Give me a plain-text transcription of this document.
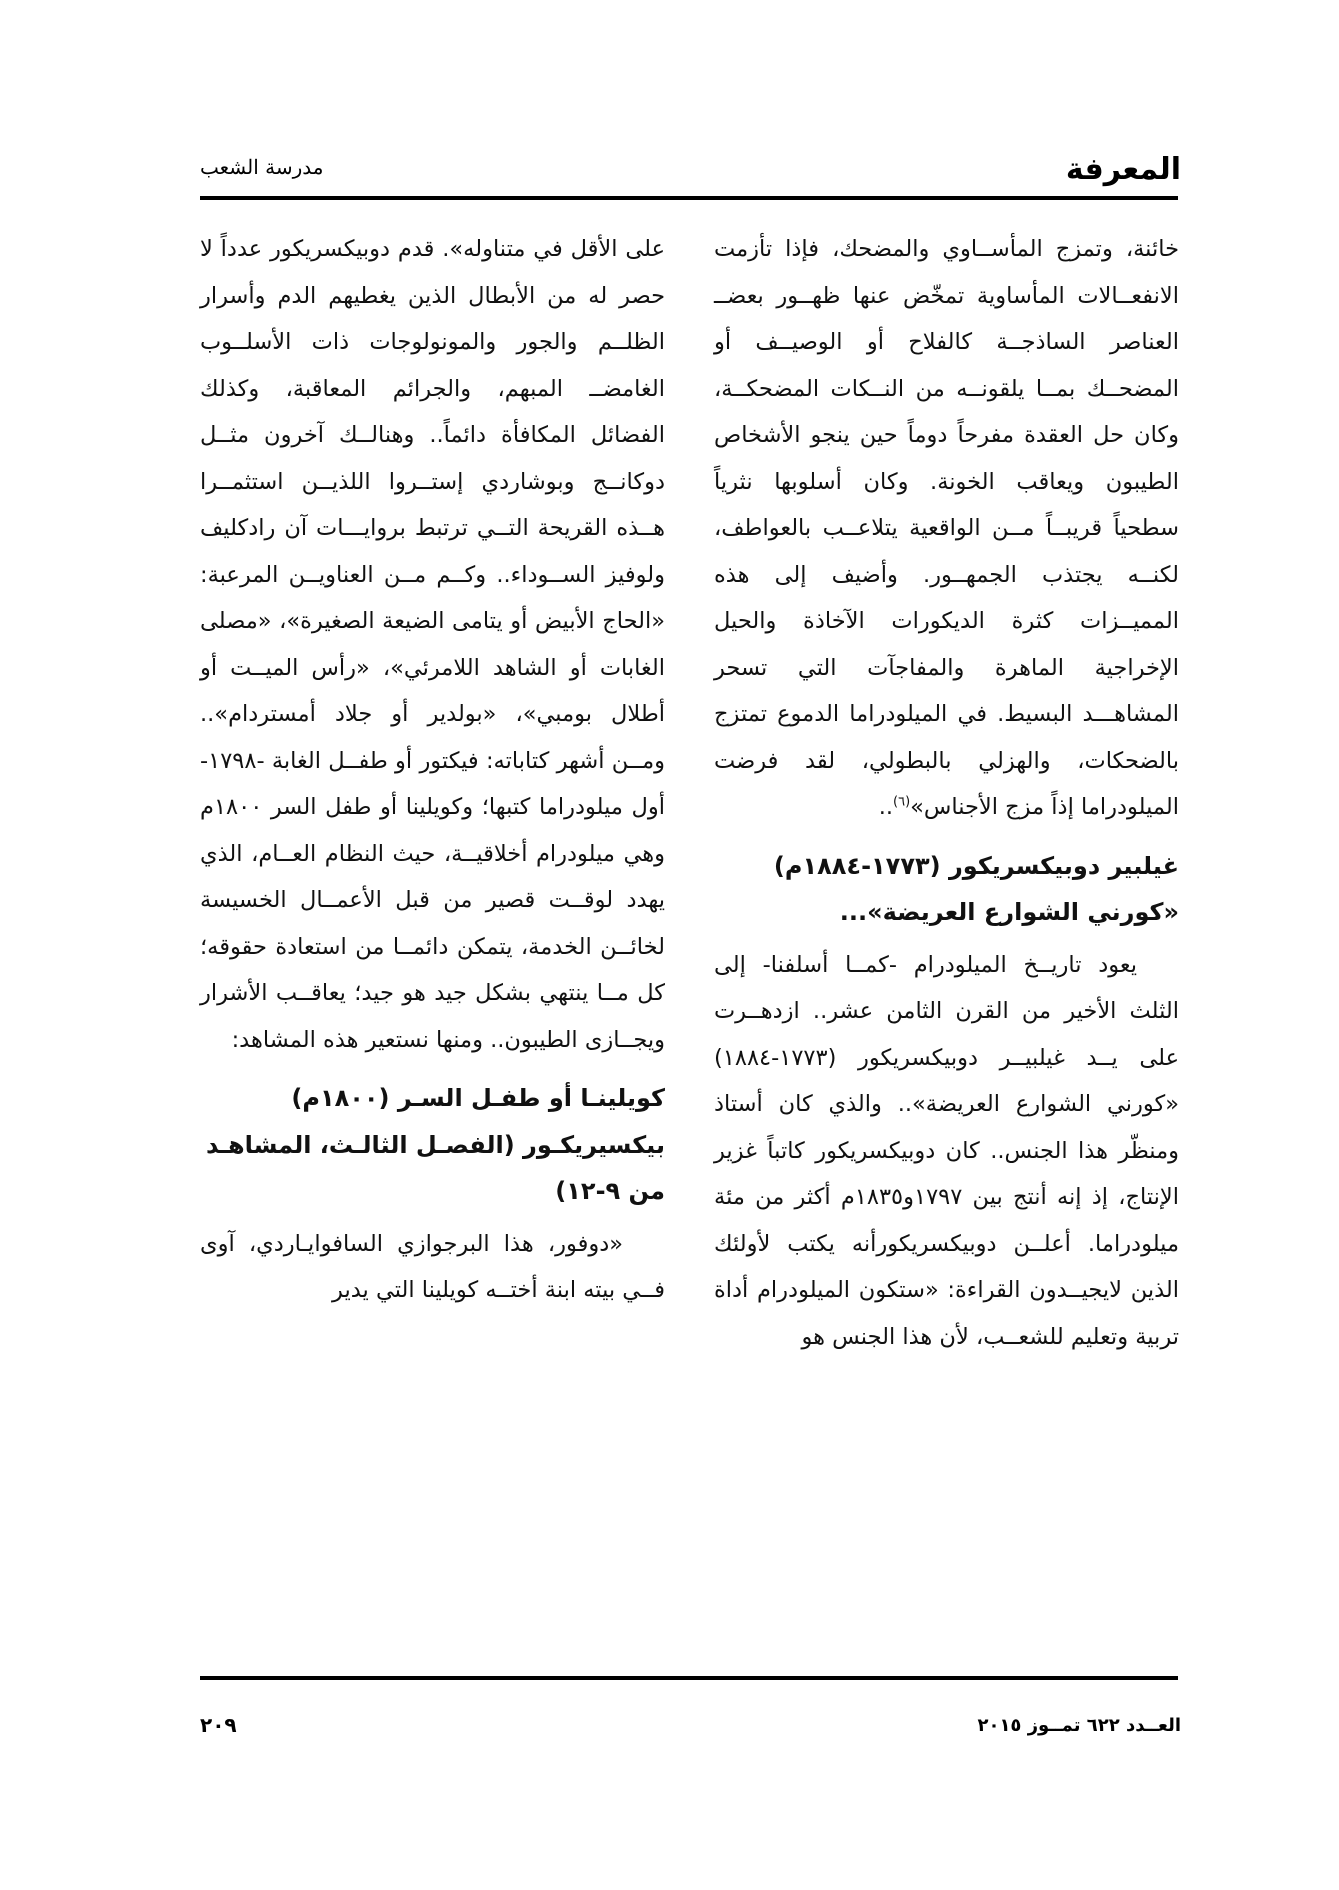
المعرفة
مدرسة الشعب

خائنة، وتمزج المأســاوي والمضحك، فإذا تأزمت الانفعــالات المأساوية تمخّض عنها ظهــور بعضــ العناصر الساذجــة كالفلاح أو الوصيــف أو المضحــك بمــا يلقونــه من النــكات المضحكــة، وكان حل العقدة مفرحاً دوماً حين ينجو الأشخاص الطيبون ويعاقب الخونة. وكان أسلوبها نثرياً سطحياً قريبــاً مــن الواقعية يتلاعــب بالعواطف، لكنــه يجتذب الجمهــور. وأضيف إلى هذه المميــزات كثرة الديكورات الآخاذة والحيل الإخراجية الماهرة والمفاجآت التي تسحر المشاهـــد البسيط. في الميلودراما الدموع تمتزج بالضحكات، والهزلي بالبطولي، لقد فرضت الميلودراما إذاً مزج الأجناس»$^{(٦)}$..

غيلبير دوبيكسريكور (١٧٧٣-١٨٨٤م)
«كورني الشوارع العريضة»...

يعود تاريــخ الميلودرام -كمــا أسلفنا- إلى الثلث الأخير من القرن الثامن عشر.. ازدهــرت على يــد غيلبيــر دوبيكسريكور (١٧٧٣-١٨٨٤) «كورني الشوارع العريضة».. والذي كان أستاذ ومنظّر هذا الجنس.. كان دوبيكسريكور كاتباً غزير الإنتاج، إذ إنه أنتج بين ١٧٩٧و١٨٣٥م أكثر من مئة ميلودراما. أعلــن دوبيكسريكورأنه يكتب لأولئك الذين لايجيــدون القراءة: «ستكون الميلودرام أداة تربية وتعليم للشعــب، لأن هذا الجنس هو

على الأقل في متناوله». قدم دوبيكسريكور عدداً لا حصر له من الأبطال الذين يغطيهم الدم وأسرار الظلــم والجور والمونولوجات ذات الأسلــوب الغامضــ المبهم، والجرائم المعاقبة، وكذلك الفضائل المكافأة دائماً.. وهنالــك آخرون مثــل دوكانــج وبوشاردي إستــروا اللذيــن استثمــرا هــذه القريحة التــي ترتبط بروايـــات آن رادكليف ولوفيز الســوداء.. وكــم مــن العناويــن المرعبة: «الحاج الأبيض أو يتامى الضيعة الصغيرة»، «مصلى الغابات أو الشاهد اللامرئي»، «رأس الميــت أو أطلال بومبي»، «بولدير أو جلاد أمستردام».. ومــن أشهر كتاباته: فيكتور أو طفــل الغابة -١٧٩٨- أول ميلودراما كتبها؛ وكويلينا أو طفل السر ١٨٠٠م وهي ميلودرام أخلاقيــة، حيث النظام العــام، الذي يهدد لوقــت قصير من قبل الأعمــال الخسيسة لخائــن الخدمة، يتمكن دائمــا من استعادة حقوقه؛ كل مــا ينتهي بشكل جيد هو جيد؛ يعاقــب الأشرار ويجــازى الطيبون.. ومنها نستعير هذه المشاهد:

كويلينـا أو طفـل السـر (١٨٠٠م)
بيكسيريكـور (الفصـل الثالـث، المشاهـد
من ٩-١٢)

«دوفور، هذا البرجوازي السافوايـاردي، آوى فــي بيته ابنة أختــه كويلينا التي يدير

العــدد ٦٢٢ تمــوز ٢٠١٥
٢٠٩
